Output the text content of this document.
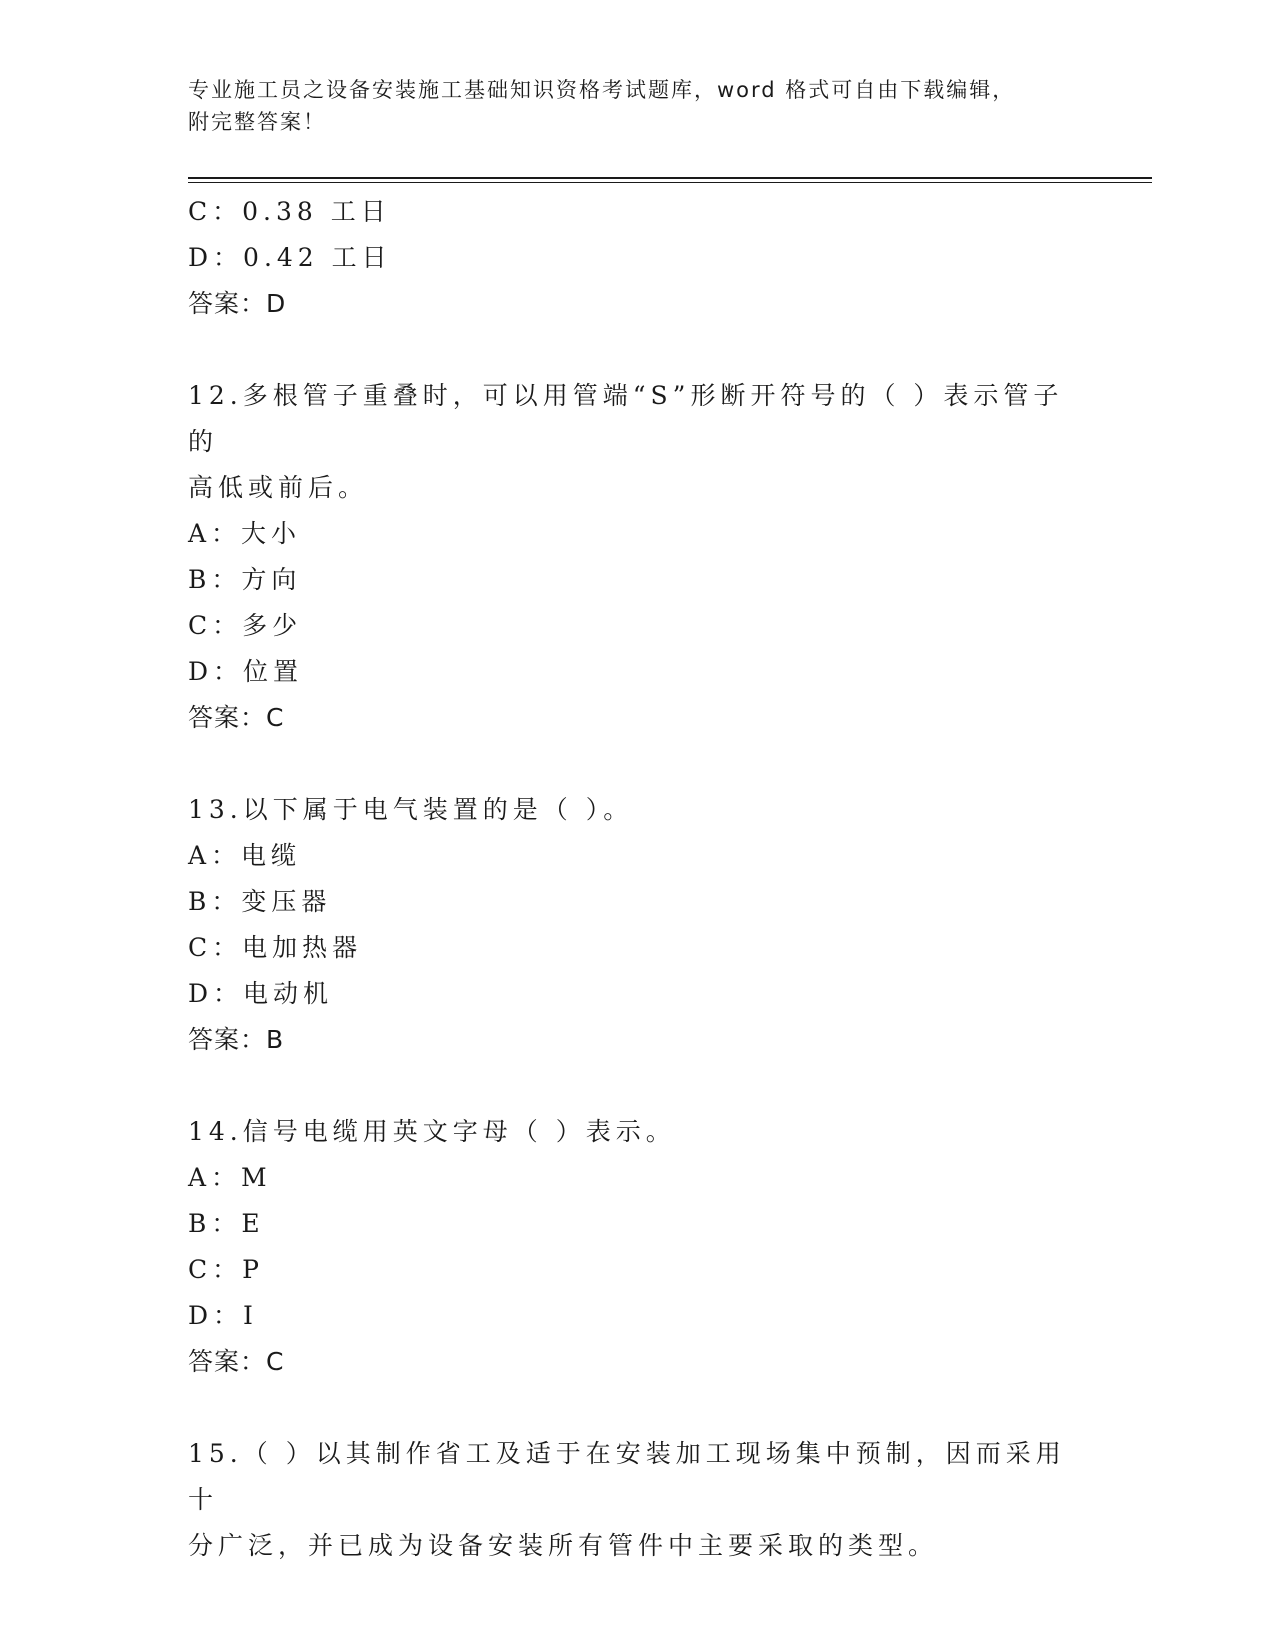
专业施工员之设备安装施工基础知识资格考试题库，word 格式可自由下载编辑，
附完整答案！

C：0.38 工日

D：0.42 工日

答案：D

12.多根管子重叠时，可以用管端“S”形断开符号的（ ）表示管子的

高低或前后。

A：大小

B：方向

C：多少

D：位置

答案：C

13.以下属于电气装置的是（ ）。

A：电缆

B：变压器

C：电加热器

D：电动机

答案：B

14.信号电缆用英文字母（ ）表示。

A：M

B：E

C：P

D：I

答案：C

15.（ ）以其制作省工及适于在安装加工现场集中预制，因而采用十

分广泛，并已成为设备安装所有管件中主要采取的类型。
